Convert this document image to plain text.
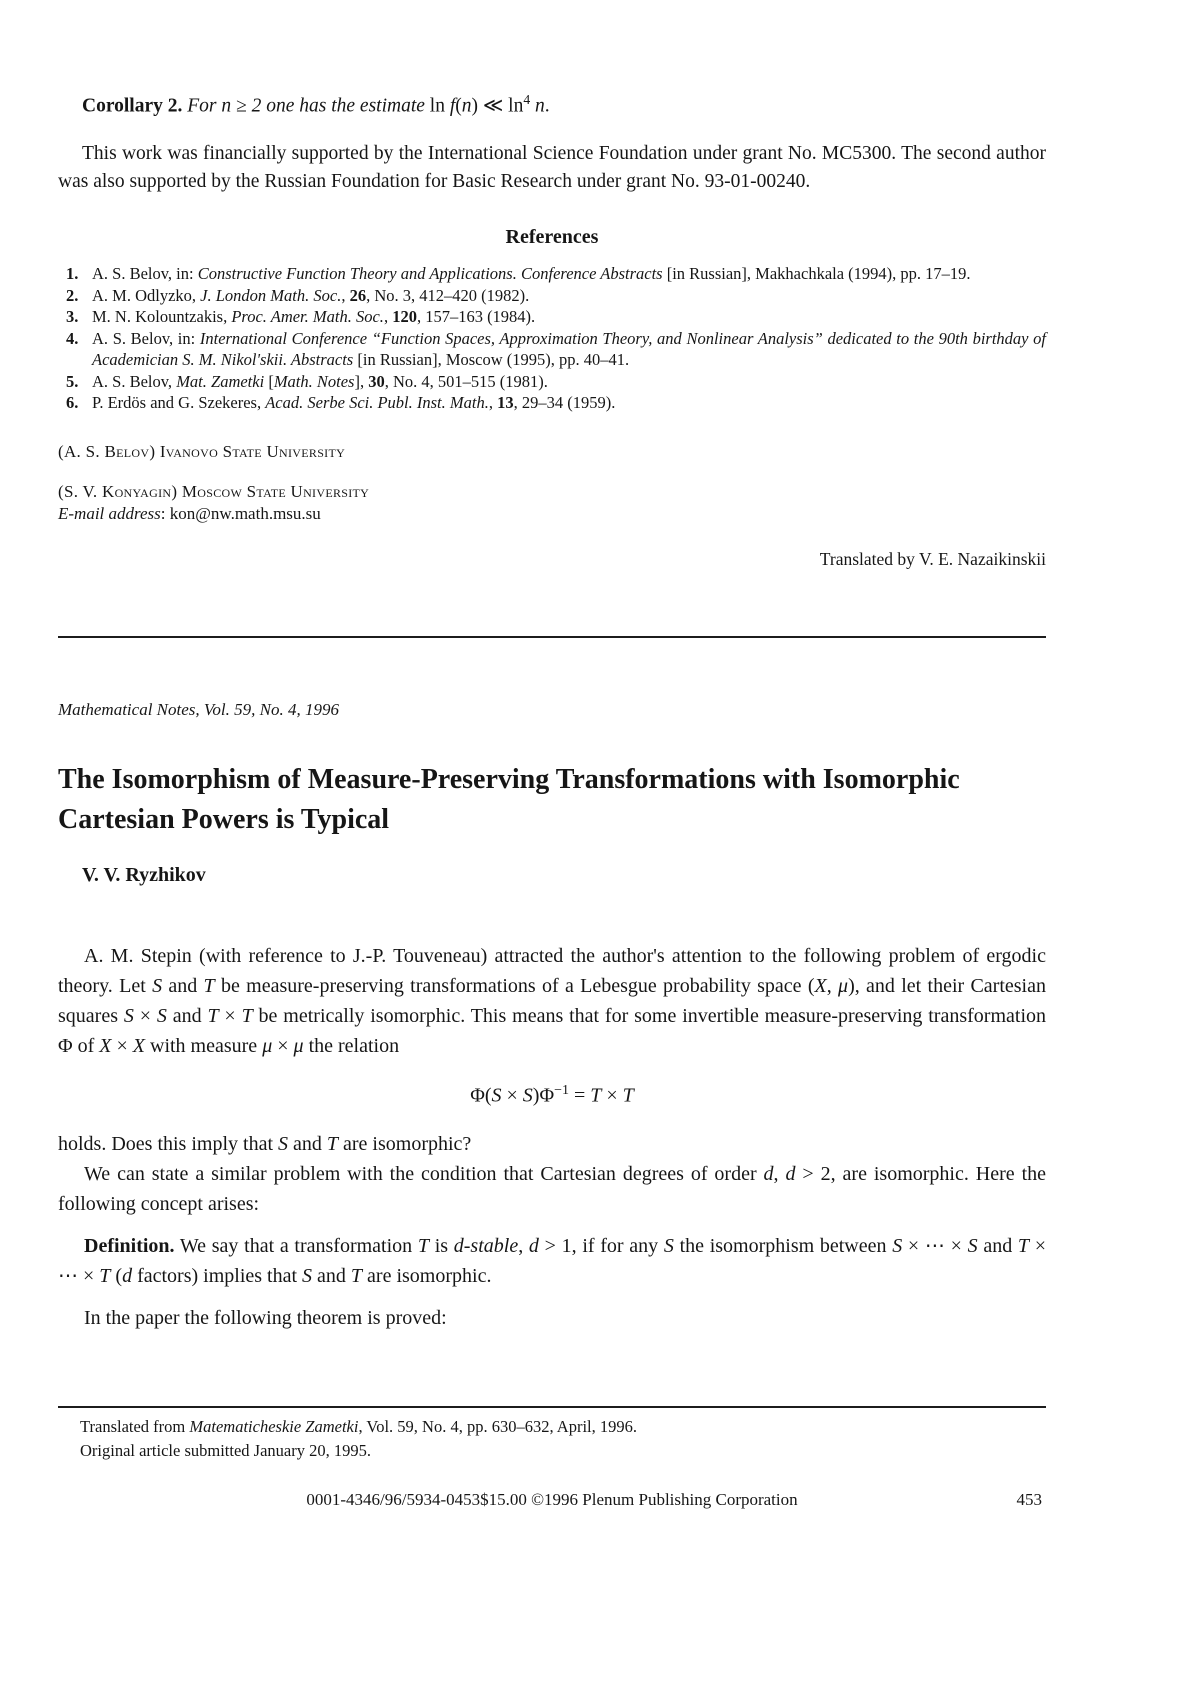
Corollary 2. For n ≥ 2 one has the estimate ln f(n) ≪ $\ln^4 n$.

This work was financially supported by the International Science Foundation under grant No. MC5300. The second author was also supported by the Russian Foundation for Basic Research under grant No. 93-01-00240.

References
1. A. S. Belov, in: Constructive Function Theory and Applications. Conference Abstracts [in Russian], Makhachkala (1994), pp. 17–19.
2. A. M. Odlyzko, J. London Math. Soc., 26, No. 3, 412–420 (1982).
3. M. N. Kolountzakis, Proc. Amer. Math. Soc., 120, 157–163 (1984).
4. A. S. Belov, in: International Conference “Function Spaces, Approximation Theory, and Nonlinear Analysis” dedicated to the 90th birthday of Academician S. M. Nikol'skii. Abstracts [in Russian], Moscow (1995), pp. 40–41.
5. A. S. Belov, Mat. Zametki [Math. Notes], 30, No. 4, 501–515 (1981).
6. P. Erdös and G. Szekeres, Acad. Serbe Sci. Publ. Inst. Math., 13, 29–34 (1959).
(A. S. Belov) Ivanovo State University
(S. V. Konyagin) Moscow State University
E-mail address: kon@nw.math.msu.su
Translated by V. E. Nazaikinskii
Mathematical Notes, Vol. 59, No. 4, 1996
The Isomorphism of Measure-Preserving Transformations with Isomorphic Cartesian Powers is Typical
V. V. Ryzhikov

A. M. Stepin (with reference to J.-P. Touveneau) attracted the author's attention to the following problem of ergodic theory. Let S and T be measure-preserving transformations of a Lebesgue probability space (X, μ), and let their Cartesian squares S × S and T × T be metrically isomorphic. This means that for some invertible measure-preserving transformation Φ of X × X with measure μ × μ the relation

$\Phi(S \times S)\Phi^{-1} = T \times T$

holds. Does this imply that S and T are isomorphic?

We can state a similar problem with the condition that Cartesian degrees of order d, d > 2, are isomorphic. Here the following concept arises:

Definition. We say that a transformation T is d-stable, d > 1, if for any S the isomorphism between S × ⋯ × S and T × ⋯ × T (d factors) implies that S and T are isomorphic.

In the paper the following theorem is proved:

Translated from Matematicheskie Zametki, Vol. 59, No. 4, pp. 630–632, April, 1996.
Original article submitted January 20, 1995.
0001-4346/96/5934-0453$15.00 ©1996 Plenum Publishing Corporation	453
